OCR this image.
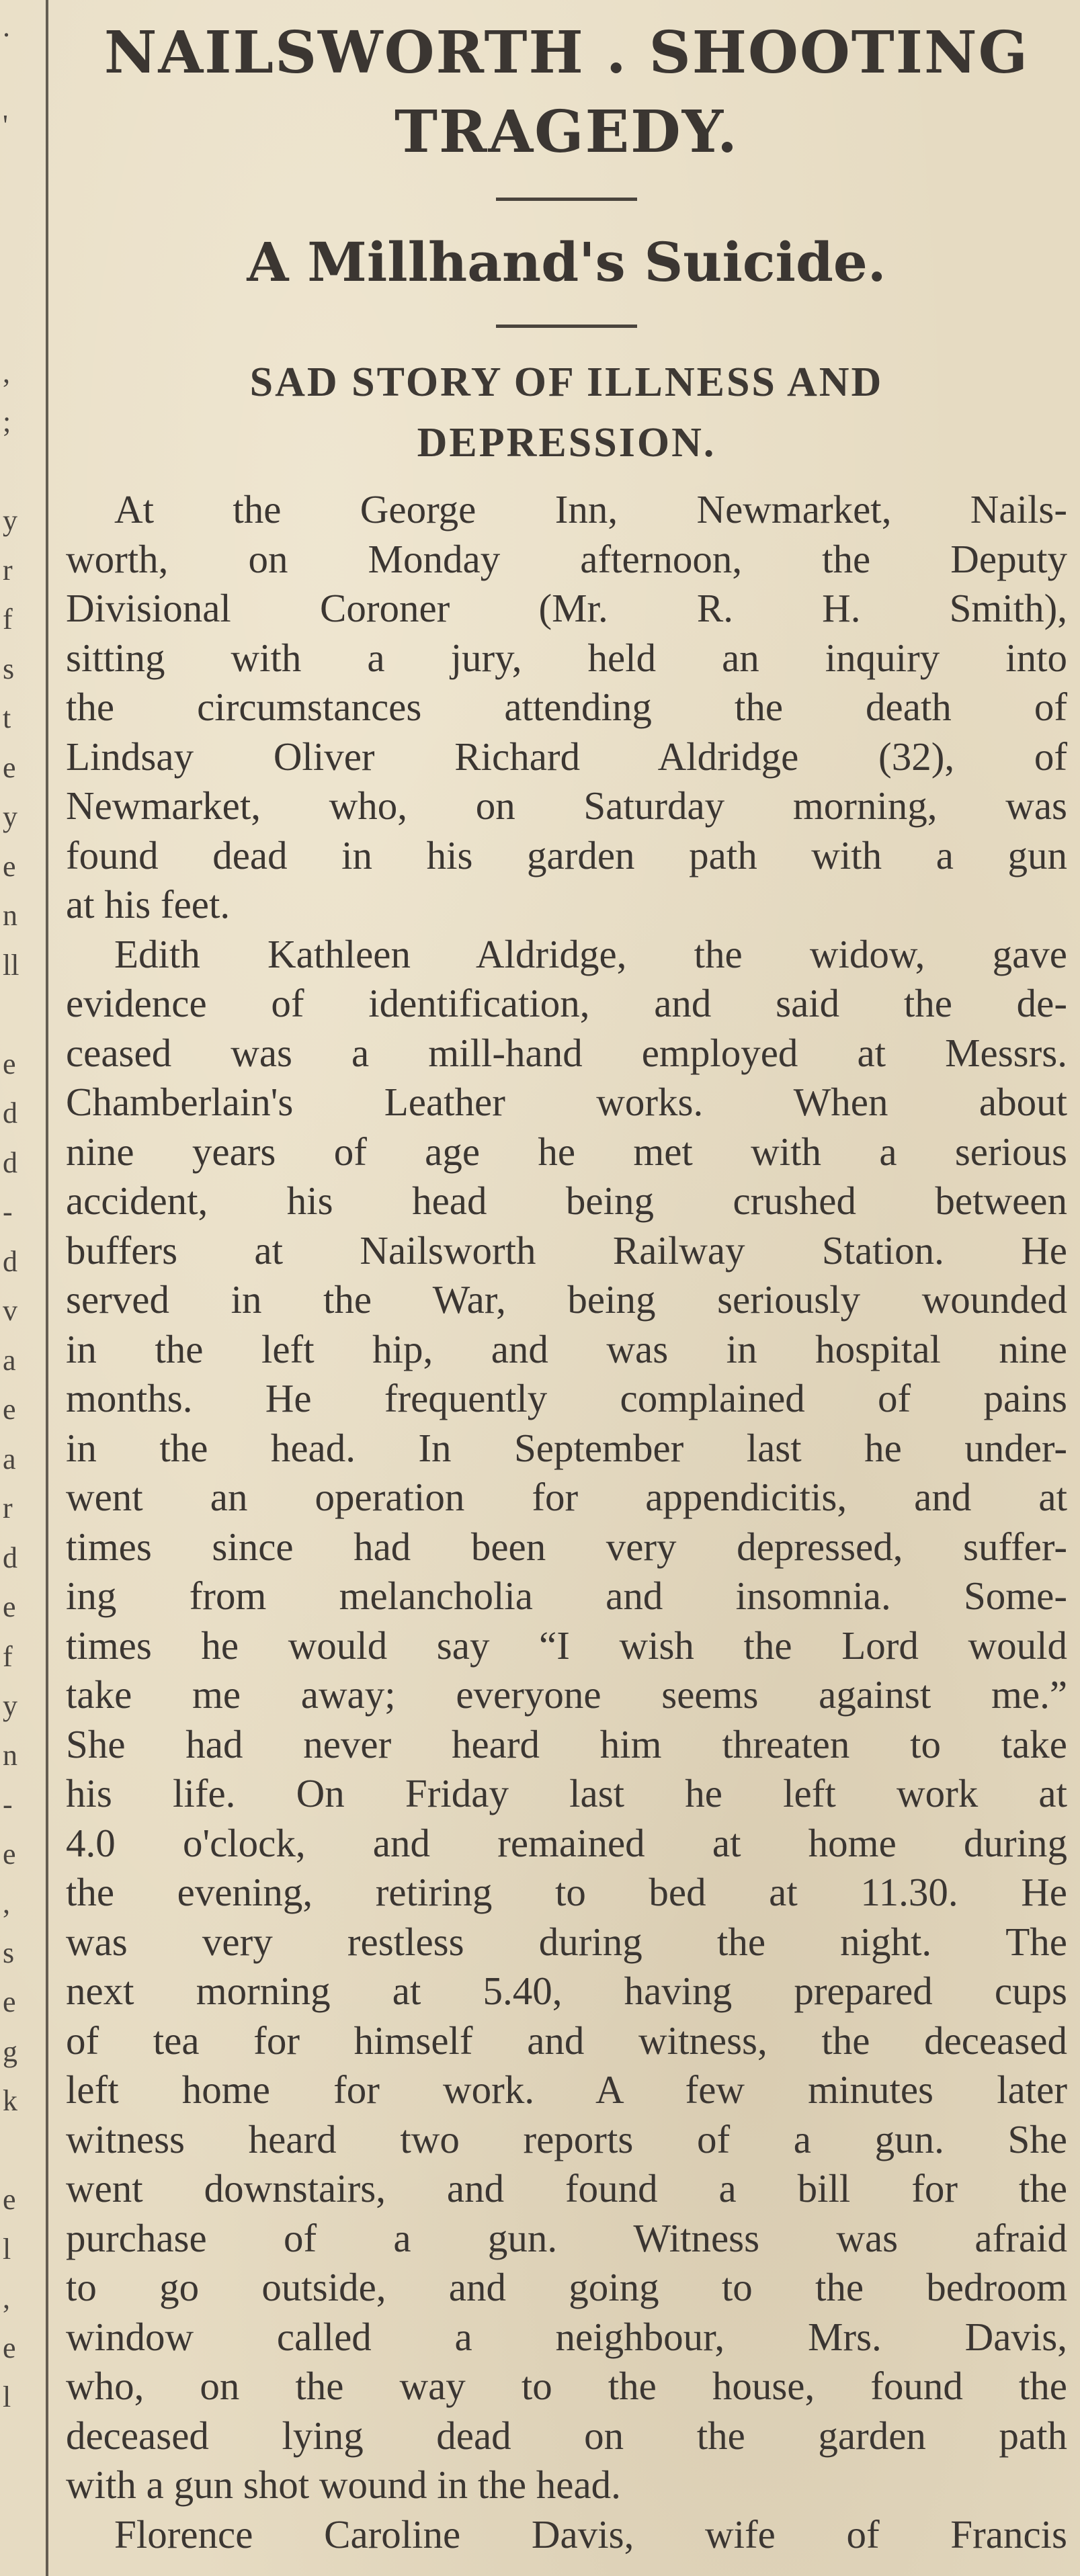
.
'
,
;
y
r
f
s
t
e
y
e
n
ll
e
d
d
-
d
v
a
e
a
r
d
e
f
y
n
-
e
,
s
e
g
k
e
l
,
e
l
NAILSWORTH . SHOOTING
TRAGEDY.
A Millhand's Suicide.
SAD STORY OF ILLNESS AND
DEPRESSION.
At the George Inn, Newmarket, Nails-
worth, on Monday afternoon, the Deputy
Divisional Coroner (Mr. R. H. Smith),
sitting with a jury, held an inquiry into
the circumstances attending the death of
Lindsay Oliver Richard Aldridge (32), of
Newmarket, who, on Saturday morning, was
found dead in his garden path with a gun
at his feet.
Edith Kathleen Aldridge, the widow, gave
evidence of identification, and said the de-
ceased was a mill-hand employed at Messrs.
Chamberlain's Leather works. When about
nine years of age he met with a serious
accident, his head being crushed between
buffers at Nailsworth Railway Station. He
served in the War, being seriously wounded
in the left hip, and was in hospital nine
months. He frequently complained of pains
in the head. In September last he under-
went an operation for appendicitis, and at
times since had been very depressed, suffer-
ing from melancholia and insomnia. Some-
times he would say “I wish the Lord would
take me away; everyone seems against me.”
She had never heard him threaten to take
his life. On Friday last he left work at
4.0 o'clock, and remained at home during
the evening, retiring to bed at 11.30. He
was very restless during the night. The
next morning at 5.40, having prepared cups
of tea for himself and witness, the deceased
left home for work. A few minutes later
witness heard two reports of a gun. She
went downstairs, and found a bill for the
purchase of a gun. Witness was afraid
to go outside, and going to the bedroom
window called a neighbour, Mrs. Davis,
who, on the way to the house, found the
deceased lying dead on the garden path
with a gun shot wound in the head.
Florence Caroline Davis, wife of Francis
